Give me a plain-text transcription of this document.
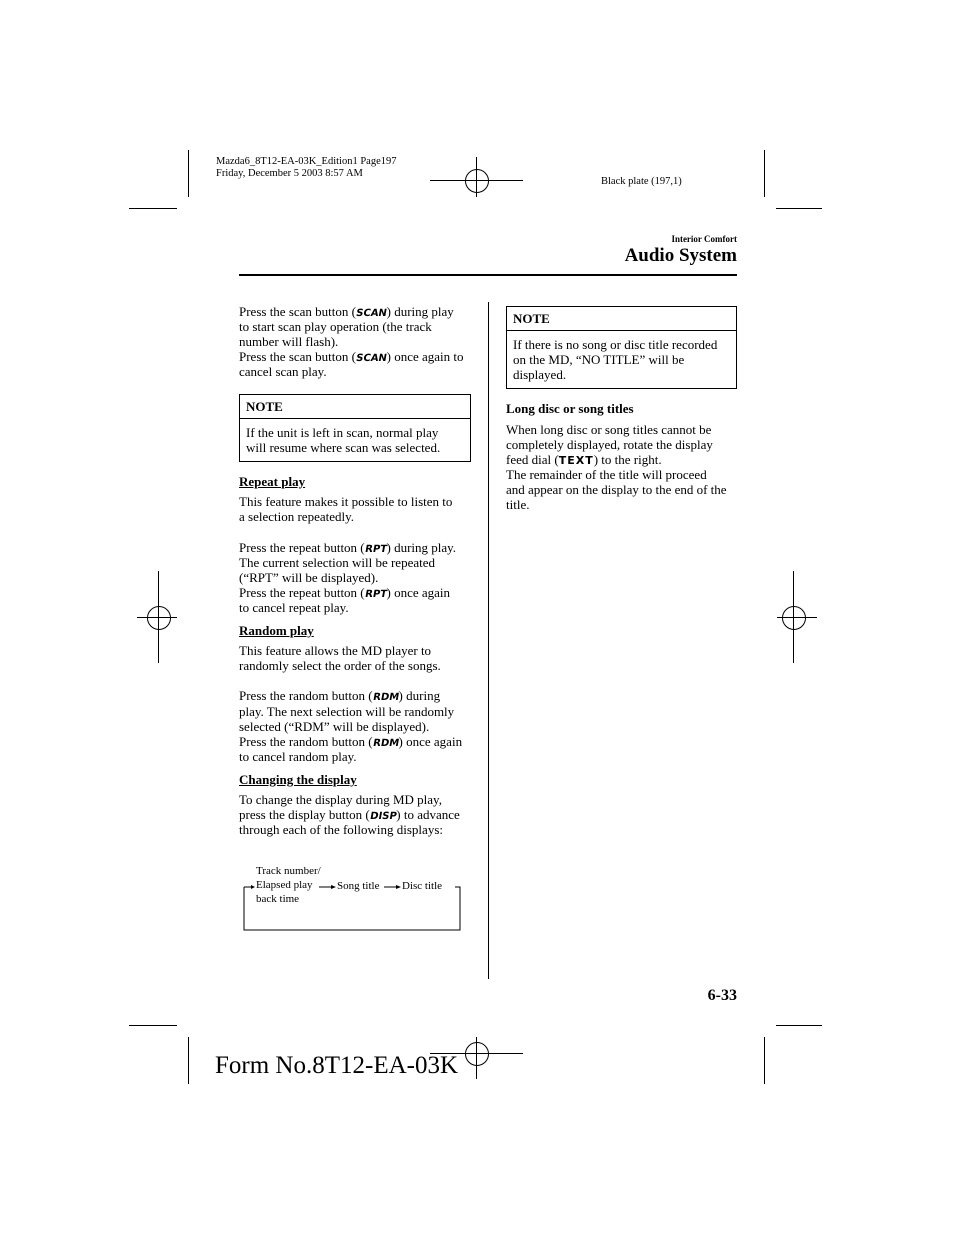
Mazda6_8T12-EA-03K_Edition1 Page197
Friday, December 5 2003 8:57 AM
Black plate (197,1)
Interior Comfort
Audio System
Press the scan button (SCAN) during play
to start scan play operation (the track
number will flash).
Press the scan button (SCAN) once again to
cancel scan play.
NOTE
If the unit is left in scan, normal play
will resume where scan was selected.
Repeat play
This feature makes it possible to listen to
a selection repeatedly.
Press the repeat button (RPT) during play.
The current selection will be repeated
(“RPT” will be displayed).
Press the repeat button (RPT) once again
to cancel repeat play.
Random play
This feature allows the MD player to
randomly select the order of the songs.
Press the random button (RDM) during
play. The next selection will be randomly
selected (“RDM” will be displayed).
Press the random button (RDM) once again
to cancel random play.
Changing the display
To change the display during MD play,
press the display button (DISP) to advance
through each of the following displays:
Track number/
Elapsed play
back time
Song title Disc title
NOTE
If there is no song or disc title recorded
on the MD, “NO TITLE” will be
displayed.
Long disc or song titles
When long disc or song titles cannot be
completely displayed, rotate the display
feed dial (TEXT) to the right.
The remainder of the title will proceed
and appear on the display to the end of the
title.
6-33
Form No.8T12-EA-03K
